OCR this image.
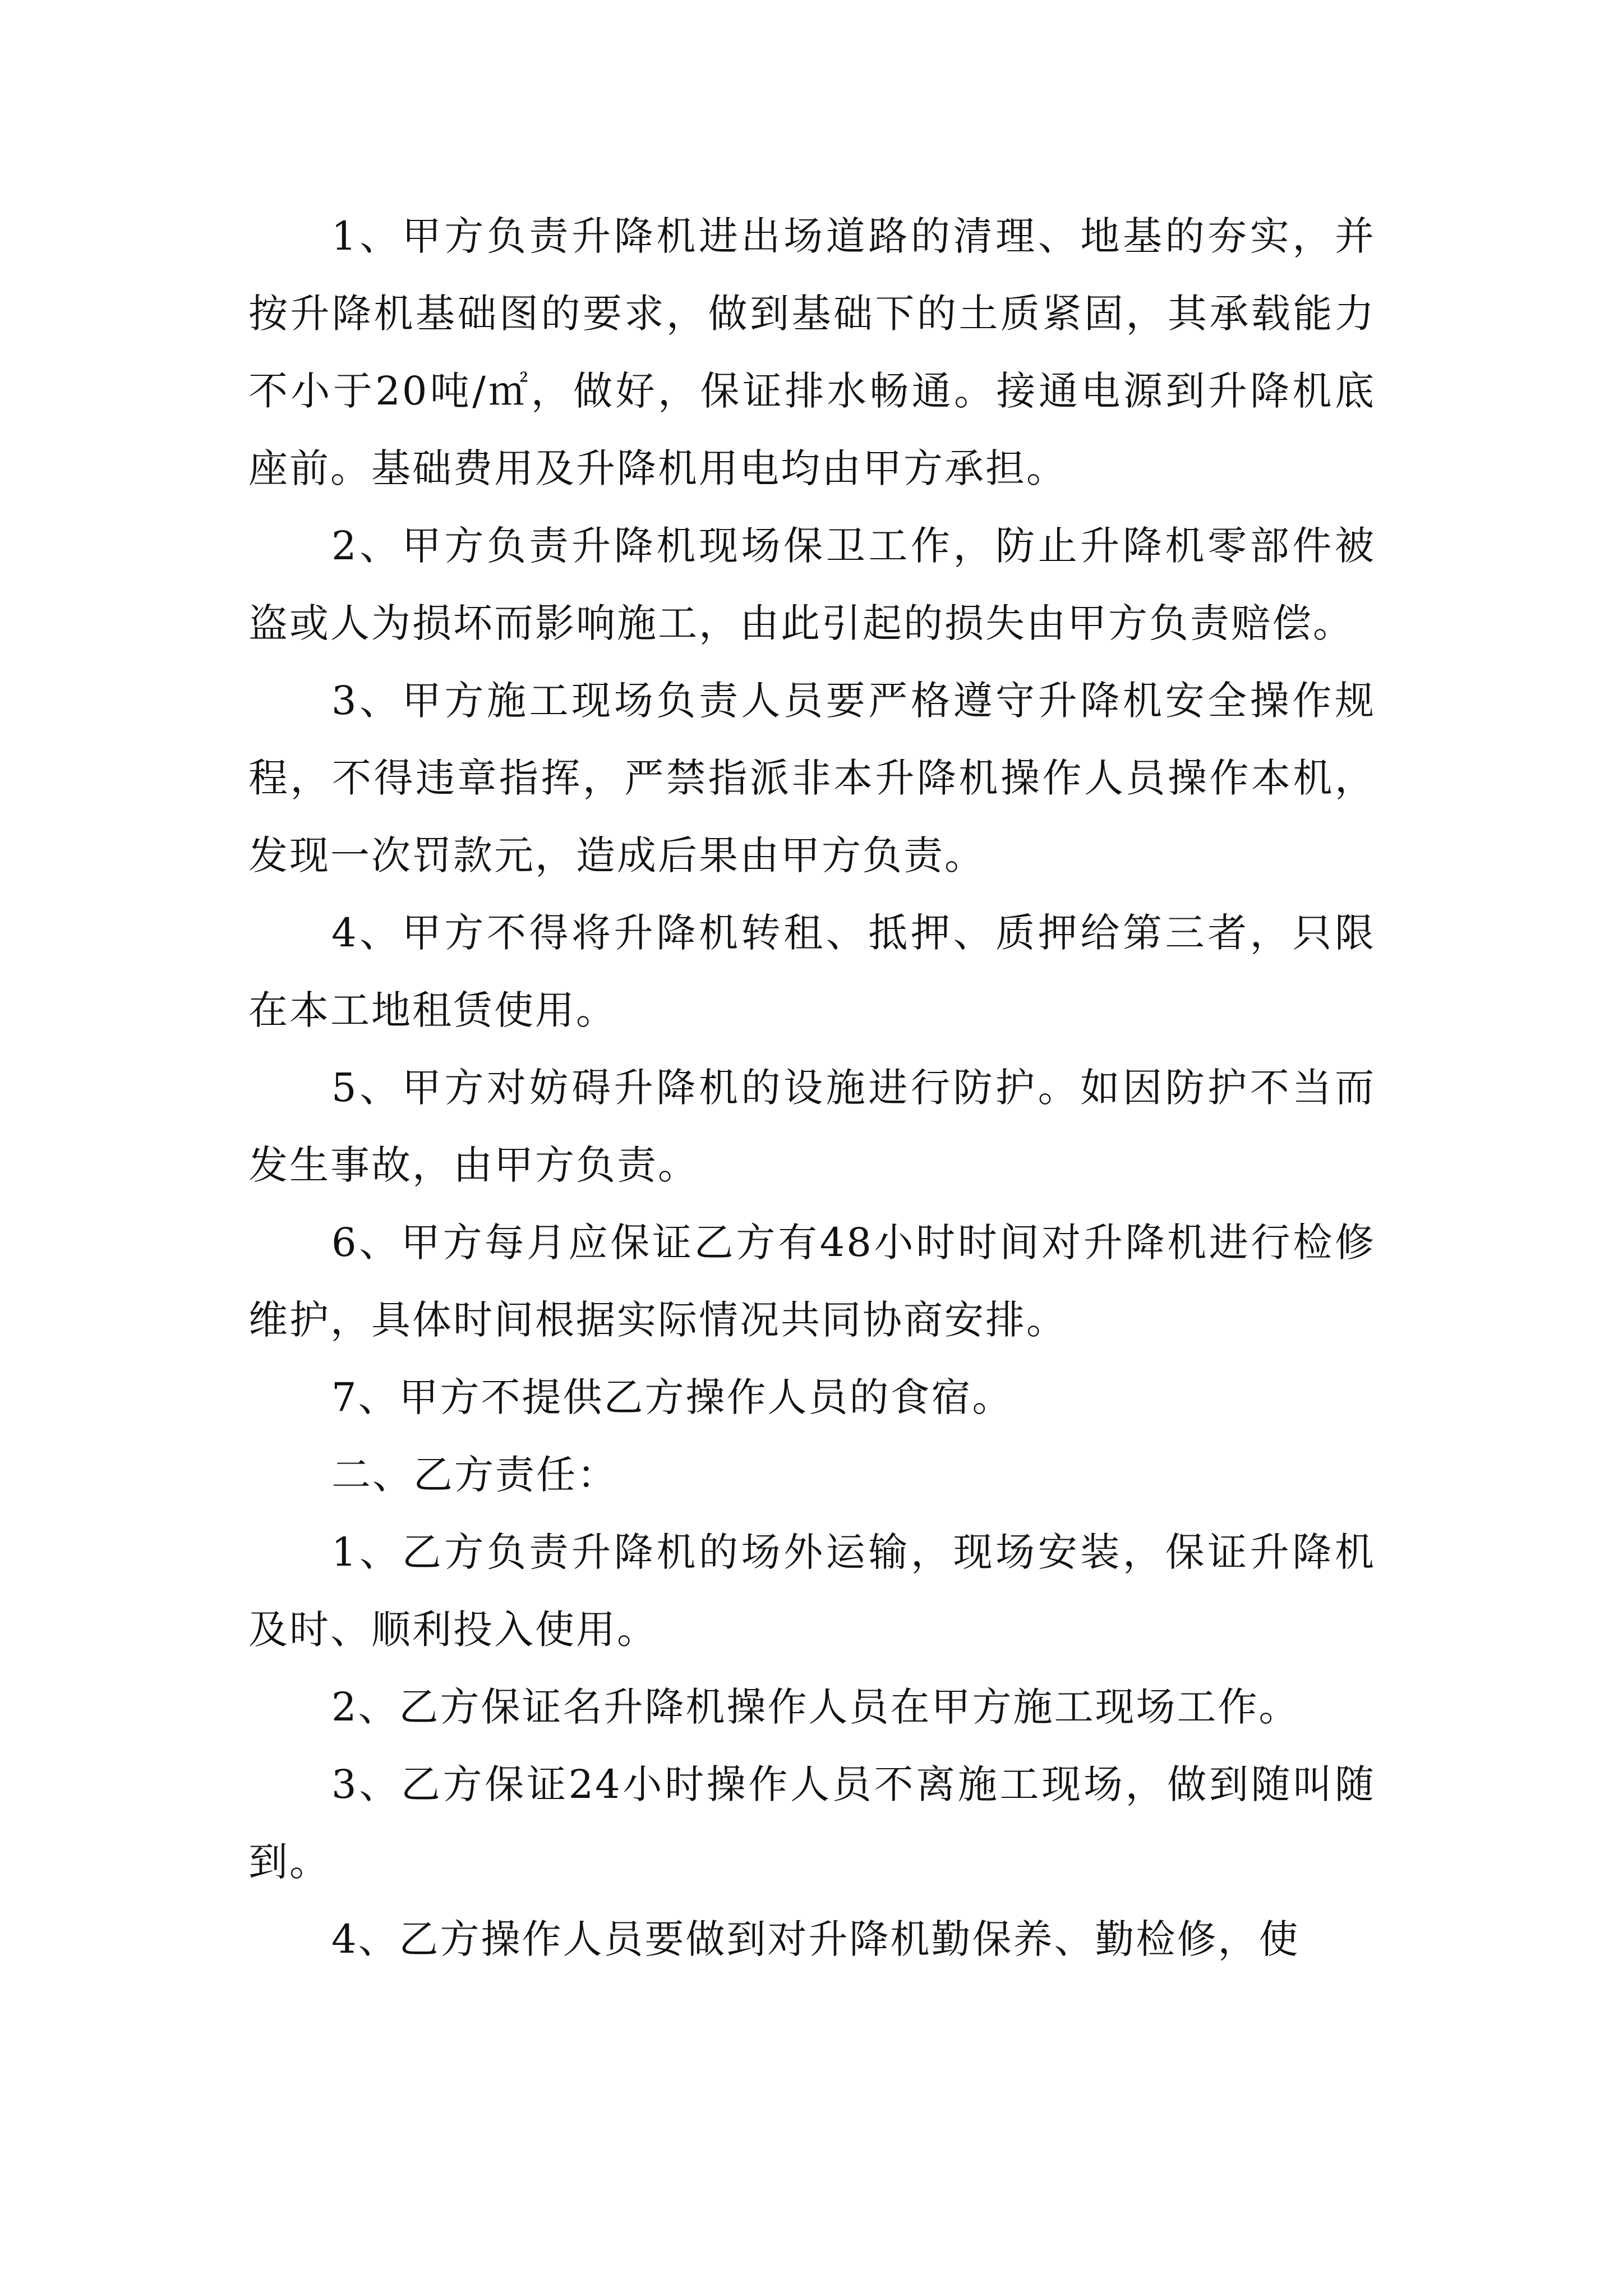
1、甲方负责升降机进出场道路的清理、地基的夯实，并按升降机基础图的要求，做到基础下的土质紧固，其承载能力不小于20吨/㎡，做好，保证排水畅通。接通电源到升降机底座前。基础费用及升降机用电均由甲方承担。

2、甲方负责升降机现场保卫工作，防止升降机零部件被盗或人为损坏而影响施工，由此引起的损失由甲方负责赔偿。

3、甲方施工现场负责人员要严格遵守升降机安全操作规程，不得违章指挥，严禁指派非本升降机操作人员操作本机，发现一次罚款元，造成后果由甲方负责。

4、甲方不得将升降机转租、抵押、质押给第三者，只限在本工地租赁使用。

5、甲方对妨碍升降机的设施进行防护。如因防护不当而发生事故，由甲方负责。

6、甲方每月应保证乙方有48小时时间对升降机进行检修维护，具体时间根据实际情况共同协商安排。

7、甲方不提供乙方操作人员的食宿。

二、乙方责任：

1、乙方负责升降机的场外运输，现场安装，保证升降机及时、顺利投入使用。

2、乙方保证名升降机操作人员在甲方施工现场工作。

3、乙方保证24小时操作人员不离施工现场，做到随叫随到。

4、乙方操作人员要做到对升降机勤保养、勤检修，使
